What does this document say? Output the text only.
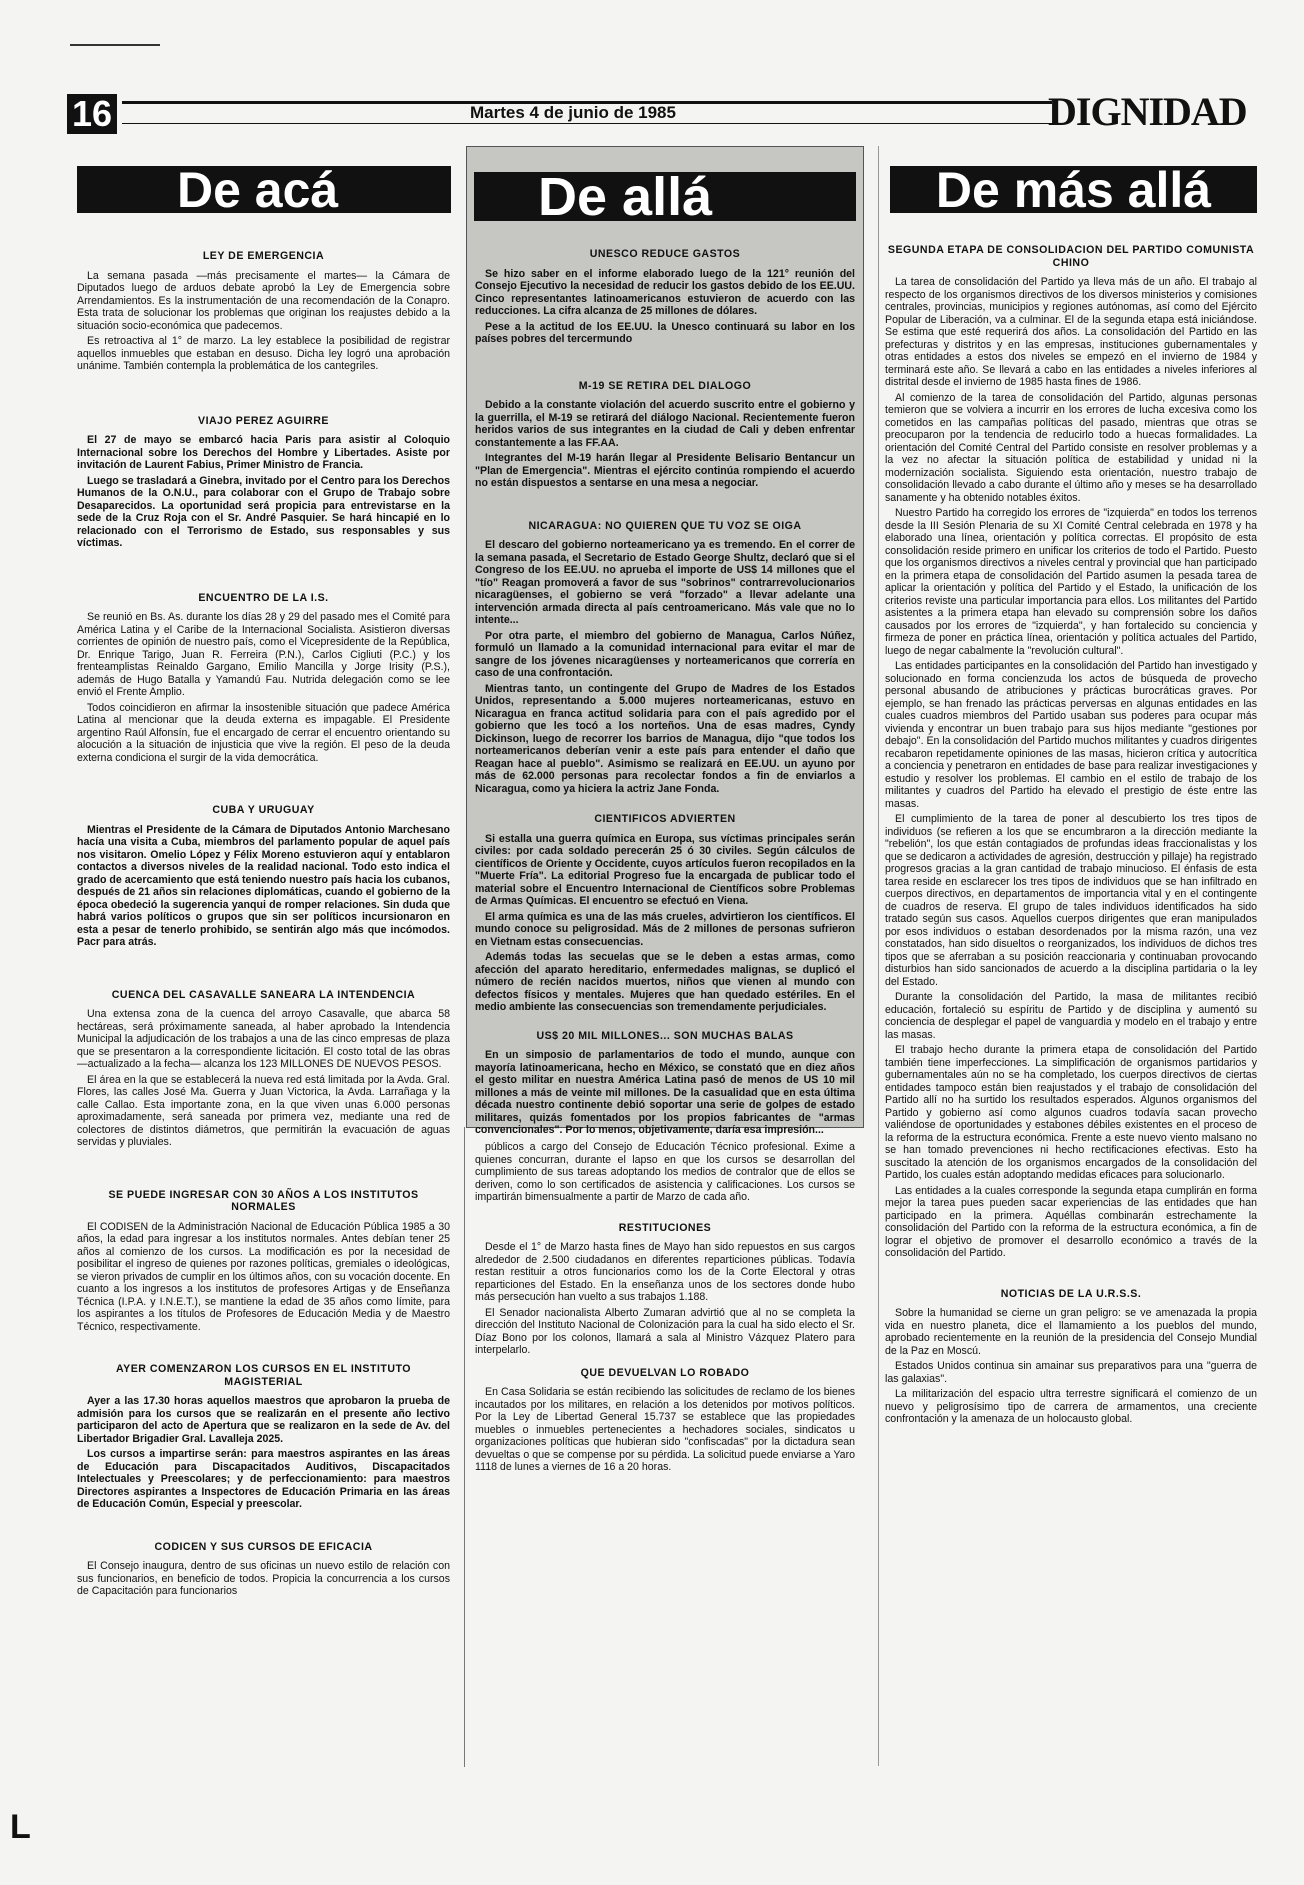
16	Martes 4 de junio de 1985	DIGNIDAD
De acá	De allá	De más allá
LEY DE EMERGENCIA

La semana pasada —más precisamente el martes— la Cámara de Diputados luego de arduos debate aprobó la Ley de Emergencia sobre Arrendamientos. Es la instrumentación de una recomendación de la Conapro. Esta trata de solucionar los problemas que originan los reajustes debido a la situación socio-económica que padecemos.

Es retroactiva al 1° de marzo. La ley establece la posibilidad de registrar aquellos inmuebles que estaban en desuso. Dicha ley logró una aprobación unánime. También contempla la problemática de los cantegriles.

VIAJO PEREZ AGUIRRE

El 27 de mayo se embarcó hacia Paris para asistir al Coloquio Internacional sobre los Derechos del Hombre y Libertades. Asiste por invitación de Laurent Fabius, Primer Ministro de Francia.

Luego se trasladará a Ginebra, invitado por el Centro para los Derechos Humanos de la O.N.U., para colaborar con el Grupo de Trabajo sobre Desaparecidos. La oportunidad será propicia para entrevistarse en la sede de la Cruz Roja con el Sr. André Pasquier. Se hará hincapié en lo relacionado con el Terrorismo de Estado, sus responsables y sus víctimas.

ENCUENTRO DE LA I.S.

Se reunió en Bs. As. durante los días 28 y 29 del pasado mes el Comité para América Latina y el Caribe de la Internacional Socialista. Asistieron diversas corrientes de opinión de nuestro país, como el Vicepresidente de la República, Dr. Enrique Tarigo, Juan R. Ferreira (P.N.), Carlos Cigliuti (P.C.) y los frenteamplistas Reinaldo Gargano, Emilio Mancilla y Jorge Irisity (P.S.), además de Hugo Batalla y Yamandú Fau. Nutrida delegación como se lee envió el Frente Amplio.

Todos coincidieron en afirmar la insostenible situación que padece América Latina al mencionar que la deuda externa es impagable. El Presidente argentino Raúl Alfonsín, fue el encargado de cerrar el encuentro orientando su alocución a la situación de injusticia que vive la región. El peso de la deuda externa condiciona el surgir de la vida democrática.

CUBA Y URUGUAY

Mientras el Presidente de la Cámara de Diputados Antonio Marchesano hacía una visita a Cuba, miembros del parlamento popular de aquel país nos visitaron. Omelio López y Félix Moreno estuvieron aquí y entablaron contactos a diversos niveles de la realidad nacional. Todo esto indica el grado de acercamiento que está teniendo nuestro país hacia los cubanos, después de 21 años sin relaciones diplomáticas, cuando el gobierno de la época obedeció la sugerencia yanqui de romper relaciones. Sin duda que habrá varios políticos o grupos que sin ser políticos incursionaron en esta a pesar de tenerlo prohibido, se sentirán algo más que incómodos. Pacr para atrás.

CUENCA DEL CASAVALLE SANEARA LA INTENDENCIA

Una extensa zona de la cuenca del arroyo Casavalle, que abarca 58 hectáreas, será próximamente saneada, al haber aprobado la Intendencia Municipal la adjudicación de los trabajos a una de las cinco empresas de plaza que se presentaron a la correspondiente licitación. El costo total de las obras —actualizado a la fecha— alcanza los 123 MILLONES DE NUEVOS PESOS.

El área en la que se establecerá la nueva red está limitada por la Avda. Gral. Flores, las calles José Ma. Guerra y Juan Victorica, la Avda. Larrañaga y la calle Callao. Esta importante zona, en la que viven unas 6.000 personas aproximadamente, será saneada por primera vez, mediante una red de colectores de distintos diámetros, que permitirán la evacuación de aguas servidas y pluviales.

SE PUEDE INGRESAR CON 30 AÑOS A LOS INSTITUTOS NORMALES

El CODISEN de la Administración Nacional de Educación Pública 1985 a 30 años, la edad para ingresar a los institutos normales. Antes debían tener 25 años al comienzo de los cursos. La modificación es por la necesidad de posibilitar el ingreso de quienes por razones políticas, gremiales o ideológicas, se vieron privados de cumplir en los últimos años, con su vocación docente. En cuanto a los ingresos a los institutos de profesores Artigas y de Enseñanza Técnica (I.P.A. y I.N.E.T.), se mantiene la edad de 35 años como límite, para los aspirantes a los títulos de Profesores de Educación Media y de Maestro Técnico, respectivamente.

AYER COMENZARON LOS CURSOS EN EL INSTITUTO MAGISTERIAL

Ayer a las 17.30 horas aquellos maestros que aprobaron la prueba de admisión para los cursos que se realizarán en el presente año lectivo participaron del acto de Apertura que se realizaron en la sede de Av. del Libertador Brigadier Gral. Lavalleja 2025.

Los cursos a impartirse serán: para maestros aspirantes en las áreas de Educación para Discapacitados Auditivos, Discapacitados Intelectuales y Preescolares; y de perfeccionamiento: para maestros Directores aspirantes a Inspectores de Educación Primaria en las áreas de Educación Común, Especial y preescolar.

CODICEN Y SUS CURSOS DE EFICACIA

El Consejo inaugura, dentro de sus oficinas un nuevo estilo de relación con sus funcionarios, en beneficio de todos. Propicia la concurrencia a los cursos de Capacitación para funcionarios

UNESCO REDUCE GASTOS

Se hizo saber en el informe elaborado luego de la 121° reunión del Consejo Ejecutivo la necesidad de reducir los gastos debido de los EE.UU. Cinco representantes latinoamericanos estuvieron de acuerdo con las reducciones. La cifra alcanza de 25 millones de dólares.

Pese a la actitud de los EE.UU. la Unesco continuará su labor en los países pobres del tercermundo

M-19 SE RETIRA DEL DIALOGO

Debido a la constante violación del acuerdo suscrito entre el gobierno y la guerrilla, el M-19 se retirará del diálogo Nacional. Recientemente fueron heridos varios de sus integrantes en la ciudad de Cali y deben enfrentar constantemente a las FF.AA.

Integrantes del M-19 harán llegar al Presidente Belisario Bentancur un "Plan de Emergencia". Mientras el ejército continúa rompiendo el acuerdo no están dispuestos a sentarse en una mesa a negociar.

NICARAGUA: NO QUIEREN QUE TU VOZ SE OIGA

El descaro del gobierno norteamericano ya es tremendo. En el correr de la semana pasada, el Secretario de Estado George Shultz, declaró que si el Congreso de los EE.UU. no aprueba el importe de US$ 14 millones que el "tío" Reagan promoverá a favor de sus "sobrinos" contrarrevolucionarios nicaragüenses, el gobierno se verá "forzado" a llevar adelante una intervención armada directa al país centroamericano. Más vale que no lo intente...

Por otra parte, el miembro del gobierno de Managua, Carlos Núñez, formuló un llamado a la comunidad internacional para evitar el mar de sangre de los jóvenes nicaragüenses y norteamericanos que correría en caso de una confrontación.

Mientras tanto, un contingente del Grupo de Madres de los Estados Unidos, representando a 5.000 mujeres norteamericanas, estuvo en Nicaragua en franca actitud solidaria para con el país agredido por el gobierno que les tocó a los norteños. Una de esas madres, Cyndy Dickinson, luego de recorrer los barrios de Managua, dijo "que todos los norteamericanos deberían venir a este país para entender el daño que Reagan hace al pueblo". Asimismo se realizará en EE.UU. un ayuno por más de 62.000 personas para recolectar fondos a fin de enviarlos a Nicaragua, como ya hiciera la actriz Jane Fonda.

CIENTIFICOS ADVIERTEN

Si estalla una guerra química en Europa, sus víctimas principales serán civiles: por cada soldado perecerán 25 ó 30 civiles. Según cálculos de científicos de Oriente y Occidente, cuyos artículos fueron recopilados en la "Muerte Fría". La editorial Progreso fue la encargada de publicar todo el material sobre el Encuentro Internacional de Científicos sobre Problemas de Armas Químicas. El encuentro se efectuó en Viena.

El arma química es una de las más crueles, advirtieron los científicos. El mundo conoce su peligrosidad. Más de 2 millones de personas sufrieron en Vietnam estas consecuencias.

Además todas las secuelas que se le deben a estas armas, como afección del aparato hereditario, enfermedades malignas, se duplicó el número de recién nacidos muertos, niños que vienen al mundo con defectos físicos y mentales. Mujeres que han quedado estériles. En el medio ambiente las consecuencias son tremendamente perjudiciales.

US$ 20 MIL MILLONES... SON MUCHAS BALAS

En un simposio de parlamentarios de todo el mundo, aunque con mayoría latinoamericana, hecho en México, se constató que en diez años el gesto militar en nuestra América Latina pasó de menos de US 10 mil millones a más de veinte mil millones. De la casualidad que en esta última década nuestro continente debió soportar una serie de golpes de estado militares, quizás fomentados por los propios fabricantes de "armas convencionales". Por lo menos, objetivamente, daría esa impresión...

públicos a cargo del Consejo de Educación Técnico profesional. Exime a quienes concurran, durante el lapso en que los cursos se desarrollan del cumplimiento de sus tareas adoptando los medios de contralor que de ellos se deriven, como lo son certificados de asistencia y calificaciones. Los cursos se impartirán bimensualmente a partir de Marzo de cada año.

RESTITUCIONES

Desde el 1° de Marzo hasta fines de Mayo han sido repuestos en sus cargos alrededor de 2.500 ciudadanos en diferentes reparticiones públicas. Todavía restan restituir a otros funcionarios como los de la Corte Electoral y otras reparticiones del Estado. En la enseñanza unos de los sectores donde hubo más persecución han vuelto a sus trabajos 1.188.

El Senador nacionalista Alberto Zumaran advirtió que al no se completa la dirección del Instituto Nacional de Colonización para la cual ha sido electo el Sr. Díaz Bono por los colonos, llamará a sala al Ministro Vázquez Platero para interpelarlo.

QUE DEVUELVAN LO ROBADO

En Casa Solidaria se están recibiendo las solicitudes de reclamo de los bienes incautados por los militares, en relación a los detenidos por motivos políticos. Por la Ley de Libertad General 15.737 se establece que las propiedades muebles o inmuebles pertenecientes a hechadores sociales, sindicatos u organizaciones políticas que hubieran sido "confiscadas" por la dictadura sean devueltas o que se compense por su pérdida. La solicitud puede enviarse a Yaro 1118 de lunes a viernes de 16 a 20 horas.

SEGUNDA ETAPA DE CONSOLIDACION DEL PARTIDO COMUNISTA CHINO

La tarea de consolidación del Partido ya lleva más de un año. El trabajo al respecto de los organismos directivos de los diversos ministerios y comisiones centrales, provincias, municipios y regiones autónomas, así como del Ejército Popular de Liberación, va a culminar. El de la segunda etapa está iniciándose. Se estima que esté requerirá dos años. La consolidación del Partido en las prefecturas y distritos y en las empresas, instituciones gubernamentales y otras entidades a estos dos niveles se empezó en el invierno de 1984 y terminará este año. Se llevará a cabo en las entidades a niveles inferiores al distrital desde el invierno de 1985 hasta fines de 1986.

Al comienzo de la tarea de consolidación del Partido, algunas personas temieron que se volviera a incurrir en los errores de lucha excesiva como los cometidos en las campañas políticas del pasado, mientras que otras se preocuparon por la tendencia de reducirlo todo a huecas formalidades. La orientación del Comité Central del Partido consiste en resolver problemas y a la vez no afectar la situación política de estabilidad y unidad ni la modernización socialista. Siguiendo esta orientación, nuestro trabajo de consolidación llevado a cabo durante el último año y meses se ha desarrollado sanamente y ha obtenido notables éxitos.

Nuestro Partido ha corregido los errores de "izquierda" en todos los terrenos desde la III Sesión Plenaria de su XI Comité Central celebrada en 1978 y ha elaborado una línea, orientación y política correctas. El propósito de esta consolidación reside primero en unificar los criterios de todo el Partido. Puesto que los organismos directivos a niveles central y provincial que han participado en la primera etapa de consolidación del Partido asumen la pesada tarea de aplicar la orientación y política del Partido y el Estado, la unificación de los criterios reviste una particular importancia para ellos. Los militantes del Partido asistentes a la primera etapa han elevado su comprensión sobre los daños causados por los errores de "izquierda", y han fortalecido su conciencia y firmeza de poner en práctica línea, orientación y política actuales del Partido, luego de negar cabalmente la "revolución cultural".

Las entidades participantes en la consolidación del Partido han investigado y solucionado en forma concienzuda los actos de búsqueda de provecho personal abusando de atribuciones y prácticas burocráticas graves. Por ejemplo, se han frenado las prácticas perversas en algunas entidades en las cuales cuadros miembros del Partido usaban sus poderes para ocupar más vivienda y encontrar un buen trabajo para sus hijos mediante "gestiones por debajo". En la consolidación del Partido muchos militantes y cuadros dirigentes recabaron repetidamente opiniones de las masas, hicieron crítica y autocrítica a conciencia y penetraron en entidades de base para realizar investigaciones y estudio y resolver los problemas. El cambio en el estilo de trabajo de los militantes y cuadros del Partido ha elevado el prestigio de éste entre las masas.

El cumplimiento de la tarea de poner al descubierto los tres tipos de individuos (se refieren a los que se encumbraron a la dirección mediante la "rebelión", los que están contagiados de profundas ideas fraccionalistas y los que se dedicaron a actividades de agresión, destrucción y pillaje) ha registrado progresos gracias a la gran cantidad de trabajo minucioso. El énfasis de esta tarea reside en esclarecer los tres tipos de individuos que se han infiltrado en cuerpos directivos, en departamentos de importancia vital y en el contingente de cuadros de reserva. El grupo de tales individuos identificados ha sido tratado según sus casos. Aquellos cuerpos dirigentes que eran manipulados por esos individuos o estaban desordenados por la misma razón, una vez constatados, han sido disueltos o reorganizados, los individuos de dichos tres tipos que se aferraban a su posición reaccionaria y continuaban provocando disturbios han sido sancionados de acuerdo a la disciplina partidaria o la ley del Estado.

Durante la consolidación del Partido, la masa de militantes recibió educación, fortaleció su espíritu de Partido y de disciplina y aumentó su conciencia de desplegar el papel de vanguardia y modelo en el trabajo y entre las masas.

El trabajo hecho durante la primera etapa de consolidación del Partido también tiene imperfecciones. La simplificación de organismos partidarios y gubernamentales aún no se ha completado, los cuerpos directivos de ciertas entidades tampoco están bien reajustados y el trabajo de consolidación del Partido allí no ha surtido los resultados esperados. Algunos organismos del Partido y gobierno así como algunos cuadros todavía sacan provecho valiéndose de oportunidades y estabones débiles existentes en el proceso de la reforma de la estructura económica. Frente a este nuevo viento malsano no se han tomado prevenciones ni hecho rectificaciones efectivas. Esto ha suscitado la atención de los organismos encargados de la consolidación del Partido, los cuales están adoptando medidas eficaces para solucionarlo.

Las entidades a la cuales corresponde la segunda etapa cumplirán en forma mejor la tarea pues pueden sacar experiencias de las entidades que han participado en la primera. Aquéllas combinarán estrechamente la consolidación del Partido con la reforma de la estructura económica, a fin de lograr el objetivo de promover el desarrollo económico a través de la consolidación del Partido.

NOTICIAS DE LA U.R.S.S.

Sobre la humanidad se cierne un gran peligro: se ve amenazada la propia vida en nuestro planeta, dice el llamamiento a los pueblos del mundo, aprobado recientemente en la reunión de la presidencia del Consejo Mundial de la Paz en Moscú.

Estados Unidos continua sin amainar sus preparativos para una "guerra de las galaxias".

La militarización del espacio ultra terrestre significará el comienzo de un nuevo y peligrosísimo tipo de carrera de armamentos, una creciente confrontación y la amenaza de un holocausto global.

L
